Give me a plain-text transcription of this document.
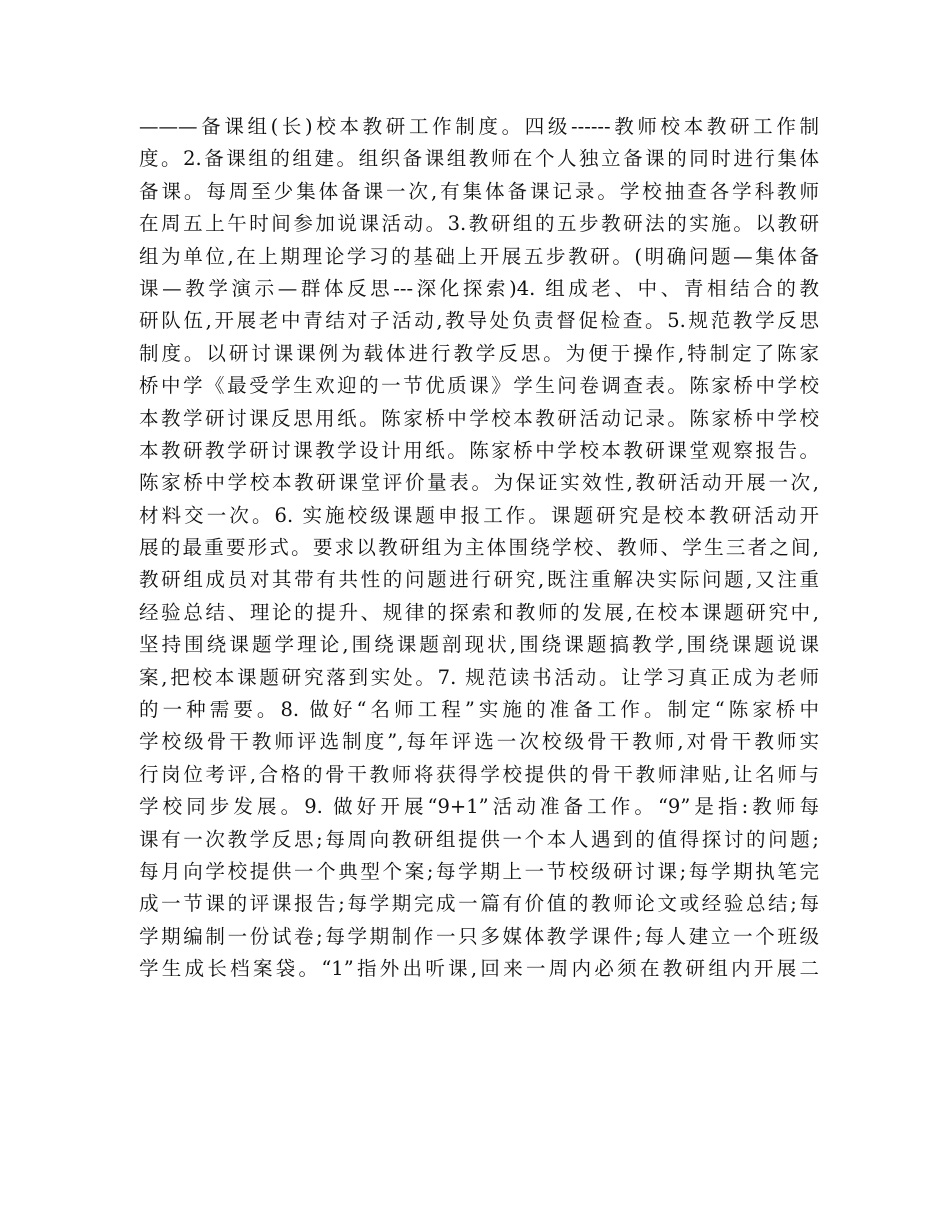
———备课组(长)校本教研工作制度。四级------教师校本教研工作制
度。2.备课组的组建。组织备课组教师在个人独立备课的同时进行集体
备课。每周至少集体备课一次,有集体备课记录。学校抽查各学科教师
在周五上午时间参加说课活动。3.教研组的五步教研法的实施。以教研
组为单位,在上期理论学习的基础上开展五步教研。(明确问题—集体备
课—教学演示—群体反思---深化探索)4. 组成老、中、青相结合的教
研队伍,开展老中青结对子活动,教导处负责督促检查。5.规范教学反思
制度。以研讨课课例为载体进行教学反思。为便于操作,特制定了陈家
桥中学《最受学生欢迎的一节优质课》学生问卷调查表。陈家桥中学校
本教学研讨课反思用纸。陈家桥中学校本教研活动记录。陈家桥中学校
本教研教学研讨课教学设计用纸。陈家桥中学校本教研课堂观察报告。
陈家桥中学校本教研课堂评价量表。为保证实效性,教研活动开展一次,
材料交一次。6. 实施校级课题申报工作。课题研究是校本教研活动开
展的最重要形式。要求以教研组为主体围绕学校、教师、学生三者之间,
教研组成员对其带有共性的问题进行研究,既注重解决实际问题,又注重
经验总结、理论的提升、规律的探索和教师的发展,在校本课题研究中,
坚持围绕课题学理论,围绕课题剖现状,围绕课题搞教学,围绕课题说课
案,把校本课题研究落到实处。7. 规范读书活动。让学习真正成为老师
的一种需要。8. 做好“名师工程”实施的准备工作。制定“陈家桥中
学校级骨干教师评选制度”,每年评选一次校级骨干教师,对骨干教师实
行岗位考评,合格的骨干教师将获得学校提供的骨干教师津贴,让名师与
学校同步发展。9. 做好开展“9+1”活动准备工作。“9”是指:教师每
课有一次教学反思;每周向教研组提供一个本人遇到的值得探讨的问题;
每月向学校提供一个典型个案;每学期上一节校级研讨课;每学期执笔完
成一节课的评课报告;每学期完成一篇有价值的教师论文或经验总结;每
学期编制一份试卷;每学期制作一只多媒体教学课件;每人建立一个班级
学生成长档案袋。“1”指外出听课,回来一周内必须在教研组内开展二
